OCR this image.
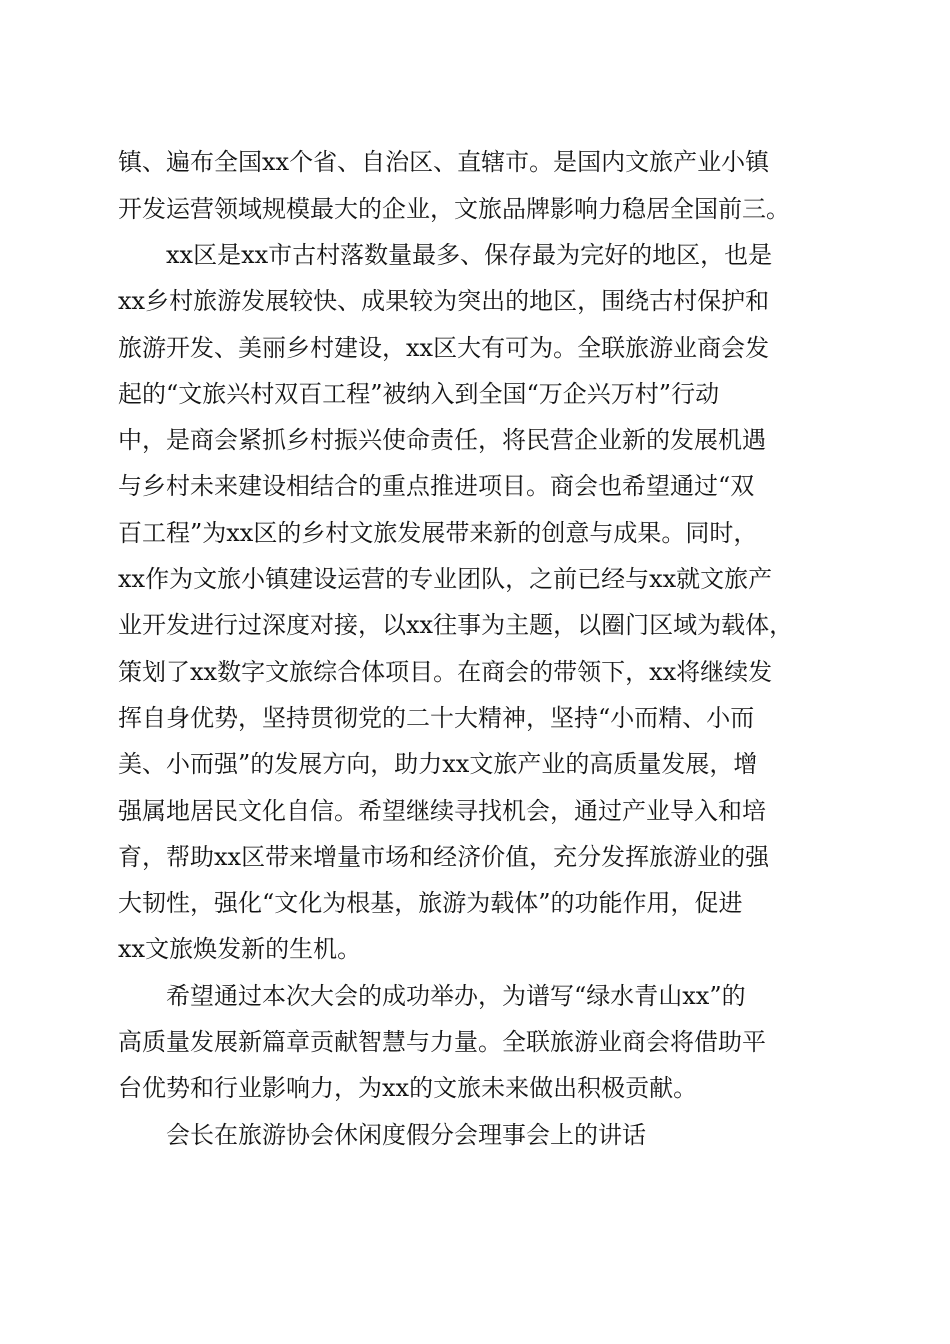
镇、遍布全国xx个省、自治区、直辖市。是国内文旅产业小镇
开发运营领域规模最大的企业，文旅品牌影响力稳居全国前三。
xx区是xx市古村落数量最多、保存最为完好的地区，也是
xx乡村旅游发展较快、成果较为突出的地区，围绕古村保护和
旅游开发、美丽乡村建设，xx区大有可为。全联旅游业商会发
起的“文旅兴村双百工程”被纳入到全国“万企兴万村”行动
中，是商会紧抓乡村振兴使命责任，将民营企业新的发展机遇
与乡村未来建设相结合的重点推进项目。商会也希望通过“双
百工程”为xx区的乡村文旅发展带来新的创意与成果。同时，
xx作为文旅小镇建设运营的专业团队，之前已经与xx就文旅产
业开发进行过深度对接，以xx往事为主题，以圈门区域为载体，
策划了xx数字文旅综合体项目。在商会的带领下，xx将继续发
挥自身优势，坚持贯彻党的二十大精神，坚持“小而精、小而
美、小而强”的发展方向，助力xx文旅产业的高质量发展，增
强属地居民文化自信。希望继续寻找机会，通过产业导入和培
育，帮助xx区带来增量市场和经济价值，充分发挥旅游业的强
大韧性，强化“文化为根基，旅游为载体”的功能作用，促进
xx文旅焕发新的生机。
希望通过本次大会的成功举办，为谱写“绿水青山xx”的
高质量发展新篇章贡献智慧与力量。全联旅游业商会将借助平
台优势和行业影响力，为xx的文旅未来做出积极贡献。
会长在旅游协会休闲度假分会理事会上的讲话
